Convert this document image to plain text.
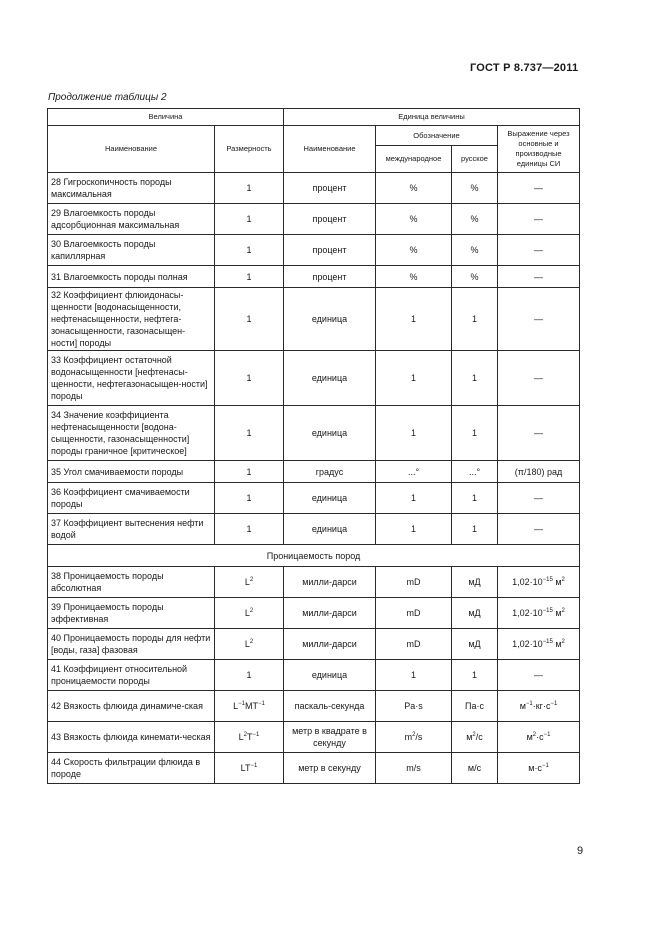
ГОСТ Р 8.737—2011
Продолжение таблицы 2
Величина		Единица величины			
Наименование	Размерность	Наименование	Обозначение		Выражение через основные и производные единицы СИ
			международное	русское	
28 Гигроскопичность породы максимальная	1	процент	%	%	—
29 Влагоемкость породы адсорбционная максимальная	1	процент	%	%	—
30 Влагоемкость породы капиллярная	1	процент	%	%	—
31 Влагоемкость породы полная	1	процент	%	%	—
32 Коэффициент флюидонасы-щенности [водонасыщенности, нефтенасыщенности, нефтега-зонасыщенности, газонасыщен-ности] породы	1	единица	1	1	—
33 Коэффициент остаточной водонасыщенности [нефтенасы-щенности, нефтегазонасыщен-ности] породы	1	единица	1	1	—
34 Значение коэффициента нефтенасыщенности [водона-сыщенности, газонасыщенности] породы граничное [критическое]	1	единица	1	1	—
35 Угол смачиваемости породы	1	градус	...°	...°	(π/180) рад
36 Коэффициент смачиваемости породы	1	единица	1	1	—
37 Коэффициент вытеснения нефти водой	1	единица	1	1	—
Проницаемость пород					
38 Проницаемость породы абсолютная	$L^2$	милли-дарси	mD	мД	$1,02\cdot 10^{-15}$ $м^2$
39 Проницаемость породы эффективная	$L^2$	милли-дарси	mD	мД	$1,02\cdot 10^{-15}$ $м^2$
40 Проницаемость породы для нефти [воды, газа] фазовая	$L^2$	милли-дарси	mD	мД	$1,02\cdot 10^{-15}$ $м^2$
41 Коэффициент относительной проницаемости породы	1	единица	1	1	—
42 Вязкость флюида динамиче-ская	$L^{-1}MT^{-1}$	паскаль-секунда	Pa·s	Па·с	$м^{-1}\cdot кг\cdot с^{-1}$
43 Вязкость флюида кинемати-ческая	$L^2T^{-1}$	метр в квадрате в секунду	$m^2/s$	$м^2/с$	$м^2\cdot с^{-1}$
44 Скорость фильтрации флюида в породе	$LT^{-1}$	метр в секунду	m/s	м/с	$м\cdot с^{-1}$
9
